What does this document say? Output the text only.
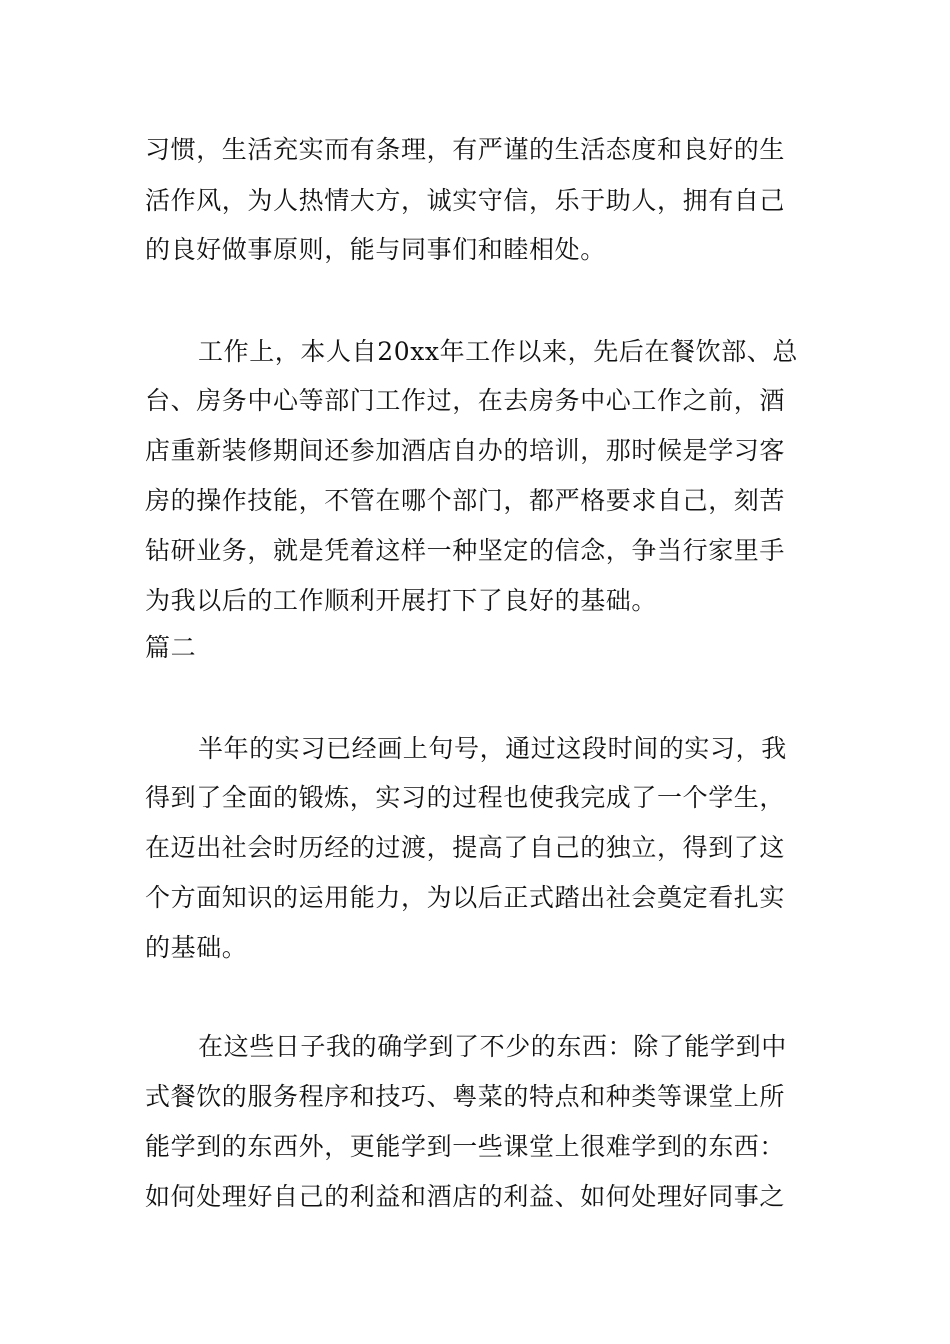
习惯，生活充实而有条理，有严谨的生活态度和良好的生
活作风，为人热情大方，诚实守信，乐于助人，拥有自己
的良好做事原则，能与同事们和睦相处。
工作上，本人自20xx年工作以来，先后在餐饮部、总
台、房务中心等部门工作过，在去房务中心工作之前，酒
店重新装修期间还参加酒店自办的培训，那时候是学习客
房的操作技能，不管在哪个部门，都严格要求自己，刻苦
钻研业务，就是凭着这样一种坚定的信念，争当行家里手
为我以后的工作顺利开展打下了良好的基础。
篇二
半年的实习已经画上句号，通过这段时间的实习，我
得到了全面的锻炼，实习的过程也使我完成了一个学生，
在迈出社会时历经的过渡，提高了自己的独立，得到了这
个方面知识的运用能力，为以后正式踏出社会奠定看扎实
的基础。
在这些日子我的确学到了不少的东西：除了能学到中
式餐饮的服务程序和技巧、粤菜的特点和种类等课堂上所
能学到的东西外，更能学到一些课堂上很难学到的东西：
如何处理好自己的利益和酒店的利益、如何处理好同事之
